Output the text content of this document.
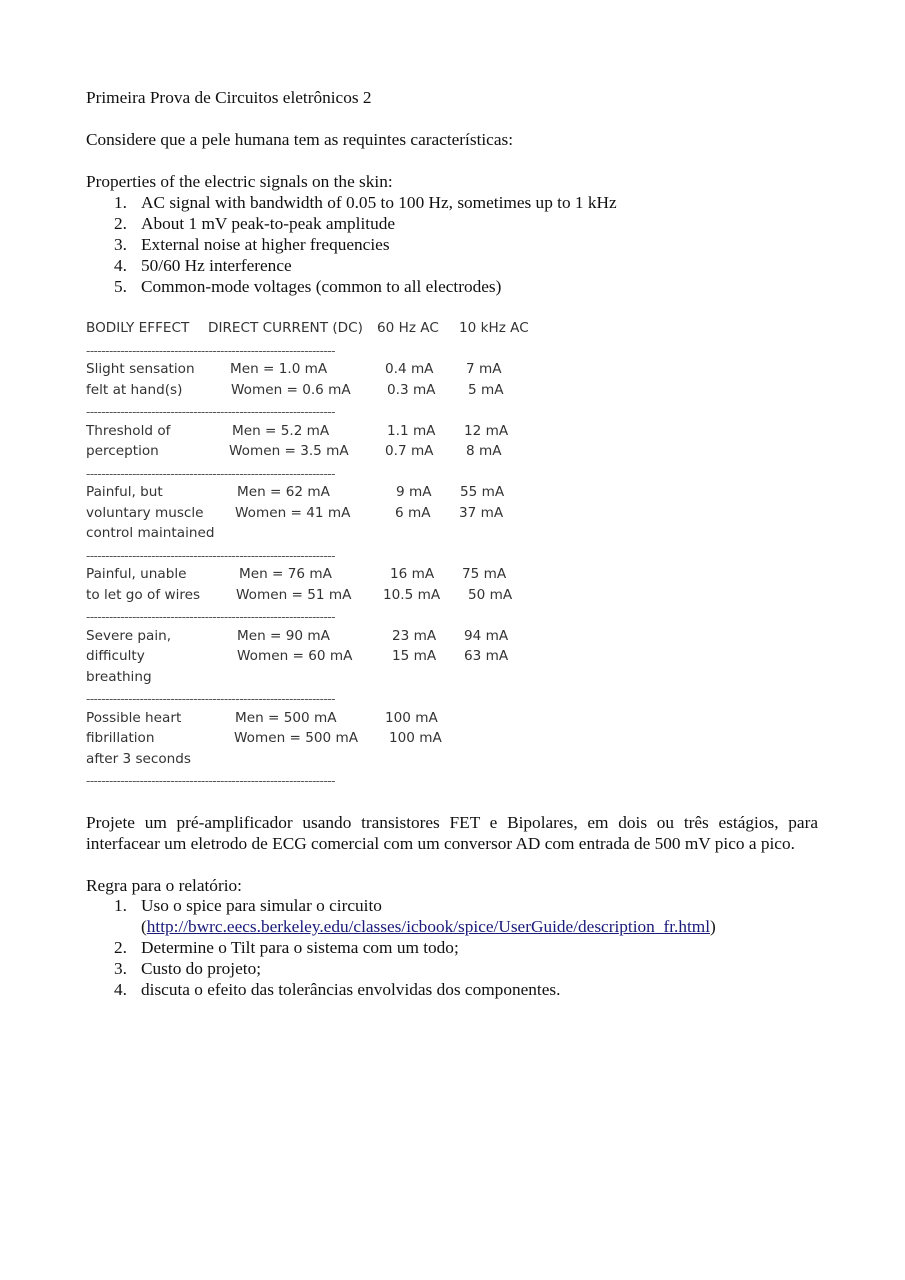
Primeira Prova de Circuitos eletrônicos 2
Considere que a pele humana tem as requintes características:
Properties of the electric signals on the skin:
1. AC signal with bandwidth of 0.05 to 100 Hz, sometimes up to 1 kHz
2. About 1 mV peak-to-peak amplitude
3. External noise at higher frequencies
4. 50/60 Hz interference
5. Common-mode voltages (common to all electrodes)
BODILY EFFECT DIRECT CURRENT (DC) 60 Hz AC 10 kHz AC
-----------------------------------------------------------------
Slight sensation	Men = 1.0 mA	0.4 mA 7 mA
felt at hand(s)	Women = 0.6 mA	0.3 mA 5 mA
-----------------------------------------------------------------
Threshold of	Men = 5.2 mA	1.1 mA 12 mA
perception	Women = 3.5 mA	0.7 mA 8 mA
-----------------------------------------------------------------
Painful, but	Men = 62 mA	9 mA 55 mA
voluntary muscle Women = 41 mA	6 mA 37 mA
control maintained
-----------------------------------------------------------------
Painful, unable	Men = 76 mA	16 mA 75 mA
to let go of wires	Women = 51 mA 10.5 mA 50 mA
-----------------------------------------------------------------
Severe pain,	Men = 90 mA	23 mA 94 mA
difficulty	Women = 60 mA	15 mA 63 mA
breathing
-----------------------------------------------------------------
Possible heart	Men = 500 mA	100 mA
fibrillation	Women = 500 mA 100 mA
after 3 seconds
-----------------------------------------------------------------
Projete um pré-amplificador usando transistores FET e Bipolares, em dois ou três estágios, para interfacear um eletrodo de ECG comercial com um conversor AD com entrada de 500 mV pico a pico.
Regra para o relatório:
1. Uso o spice para simular o circuito
(http://bwrc.eecs.berkeley.edu/classes/icbook/spice/UserGuide/description_fr.html)
2. Determine o Tilt para o sistema com um todo;
3. Custo do projeto;
4. discuta o efeito das tolerâncias envolvidas dos componentes.
